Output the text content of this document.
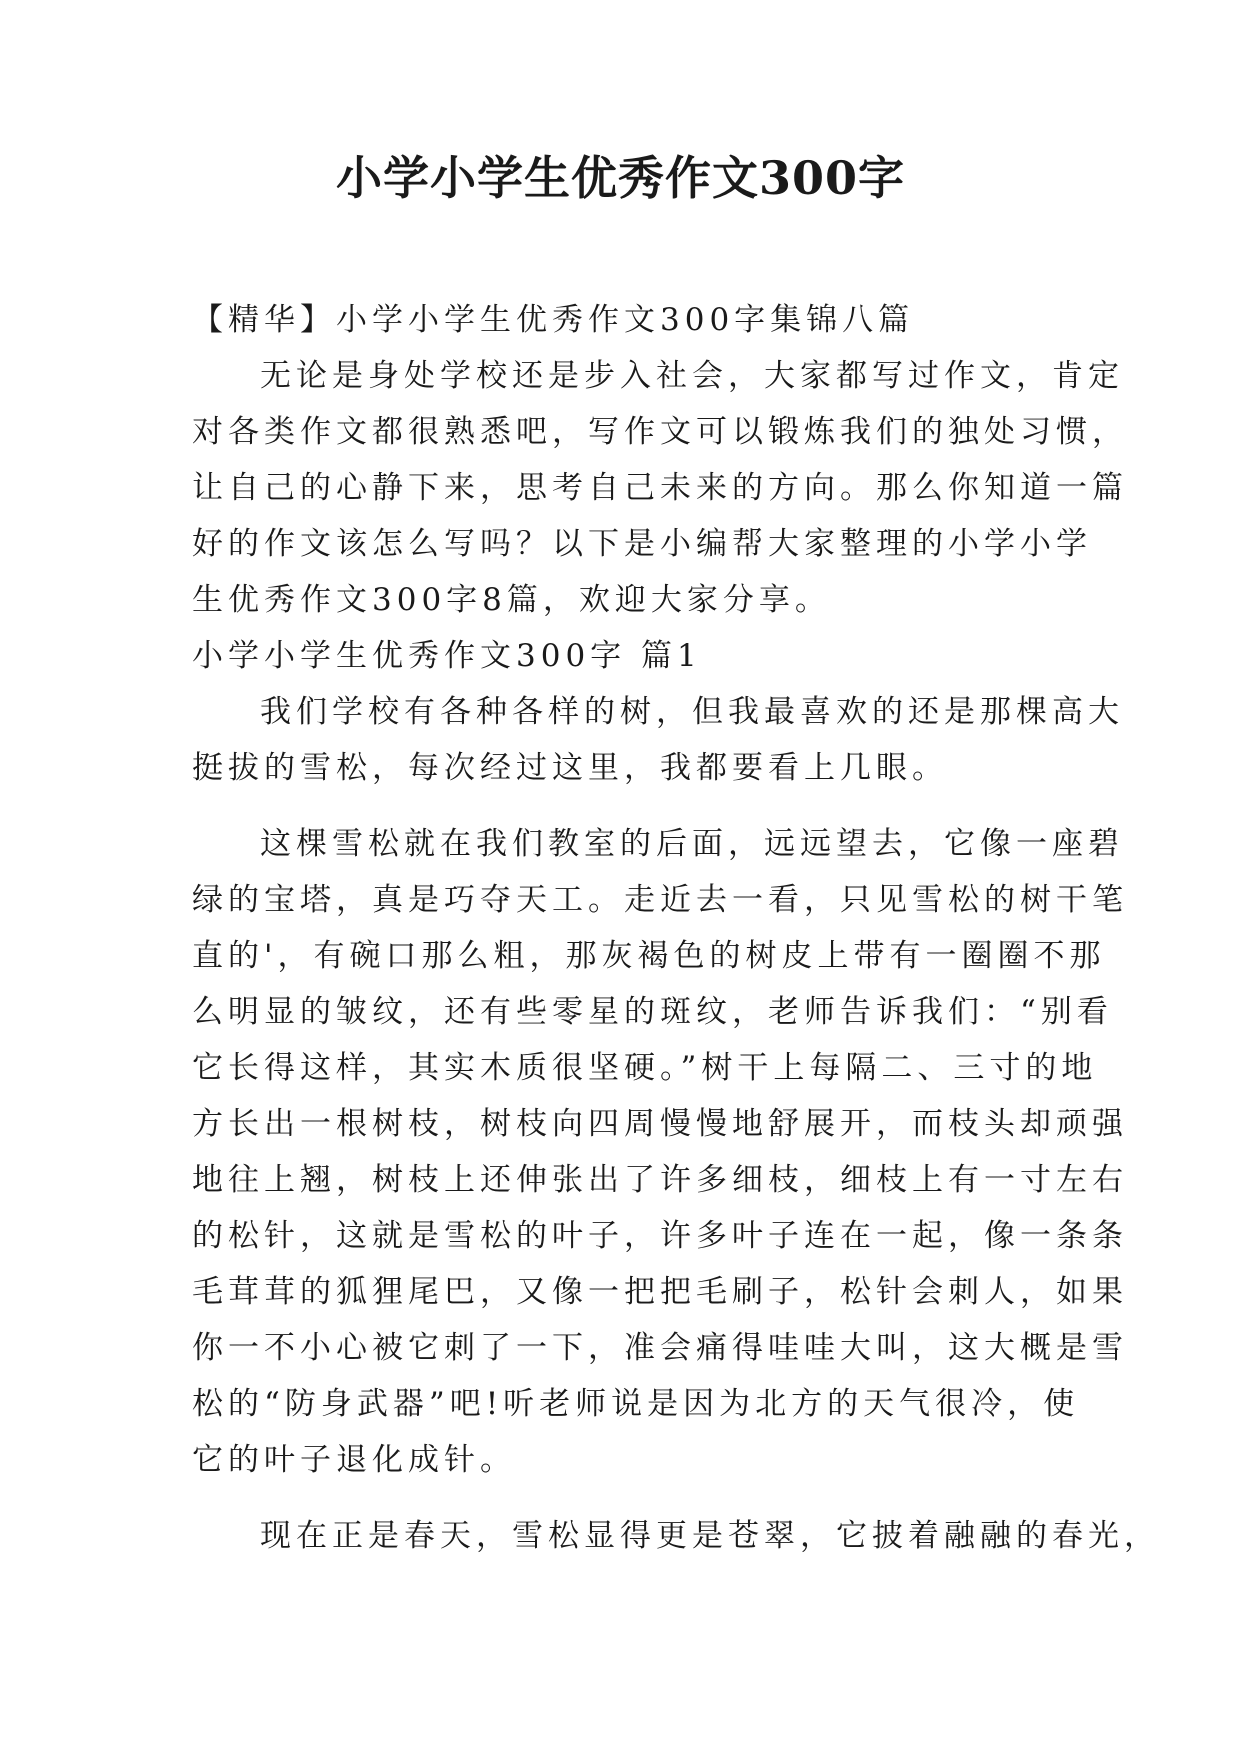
小学小学生优秀作文300字
【精华】小学小学生优秀作文300字集锦八篇
无论是身处学校还是步入社会，大家都写过作文，肯定
对各类作文都很熟悉吧，写作文可以锻炼我们的独处习惯，
让自己的心静下来，思考自己未来的方向。那么你知道一篇
好的作文该怎么写吗？以下是小编帮大家整理的小学小学
生优秀作文300字8篇，欢迎大家分享。
小学小学生优秀作文300字 篇1
我们学校有各种各样的树，但我最喜欢的还是那棵高大
挺拔的雪松，每次经过这里，我都要看上几眼。
这棵雪松就在我们教室的后面，远远望去，它像一座碧
绿的宝塔，真是巧夺天工。走近去一看，只见雪松的树干笔
直的'，有碗口那么粗，那灰褐色的树皮上带有一圈圈不那
么明显的皱纹，还有些零星的斑纹，老师告诉我们：“别看
它长得这样，其实木质很坚硬。”树干上每隔二、三寸的地
方长出一根树枝，树枝向四周慢慢地舒展开，而枝头却顽强
地往上翘，树枝上还伸张出了许多细枝，细枝上有一寸左右
的松针，这就是雪松的叶子，许多叶子连在一起，像一条条
毛茸茸的狐狸尾巴，又像一把把毛刷子，松针会刺人，如果
你一不小心被它刺了一下，准会痛得哇哇大叫，这大概是雪
松的“防身武器”吧!听老师说是因为北方的天气很冷，使
它的叶子退化成针。
现在正是春天，雪松显得更是苍翠，它披着融融的春光，
